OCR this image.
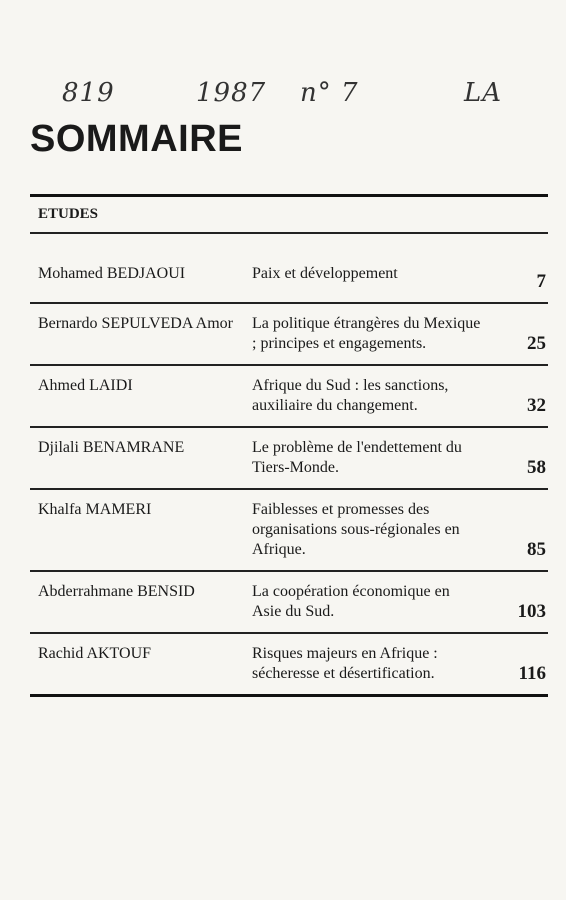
819	1987 n° 7	LA
SOMMAIRE
ETUDES
Mohamed BEDJAOUI	Paix et développement	7
Bernardo SEPULVEDA Amor	La politique étrangères du Mexique ; principes et engagements.	25
Ahmed LAIDI	Afrique du Sud : les sanctions, auxiliaire du changement.	32
Djilali BENAMRANE	Le problème de l'endettement du Tiers-Monde.	58
Khalfa MAMERI	Faiblesses et promesses des organisations sous-régionales en Afrique.	85
Abderrahmane BENSID	La coopération économique en Asie du Sud.	103
Rachid AKTOUF	Risques majeurs en Afrique : sécheresse et désertification.	116
